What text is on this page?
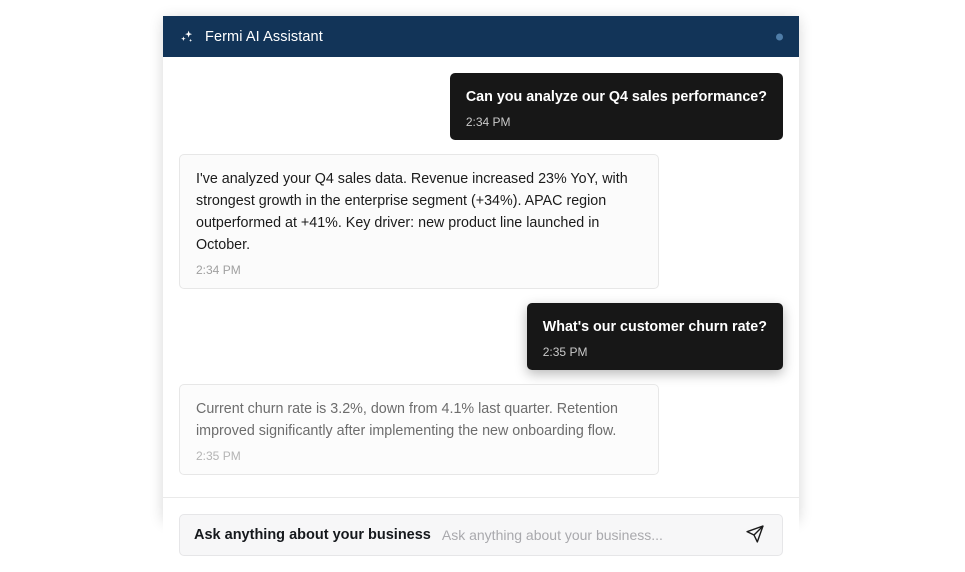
Fermi AI Assistant
Can you analyze our Q4 sales performance?
2:34 PM
I've analyzed your Q4 sales data. Revenue increased 23% YoY, with strongest growth in the enterprise segment (+34%). APAC region outperformed at +41%. Key driver: new product line launched in October.
2:34 PM
What's our customer churn rate?
2:35 PM
Current churn rate is 3.2%, down from 4.1% last quarter. Retention improved significantly after implementing the new onboarding flow.
2:35 PM
Ask anything about your business
Ask anything about your business...
